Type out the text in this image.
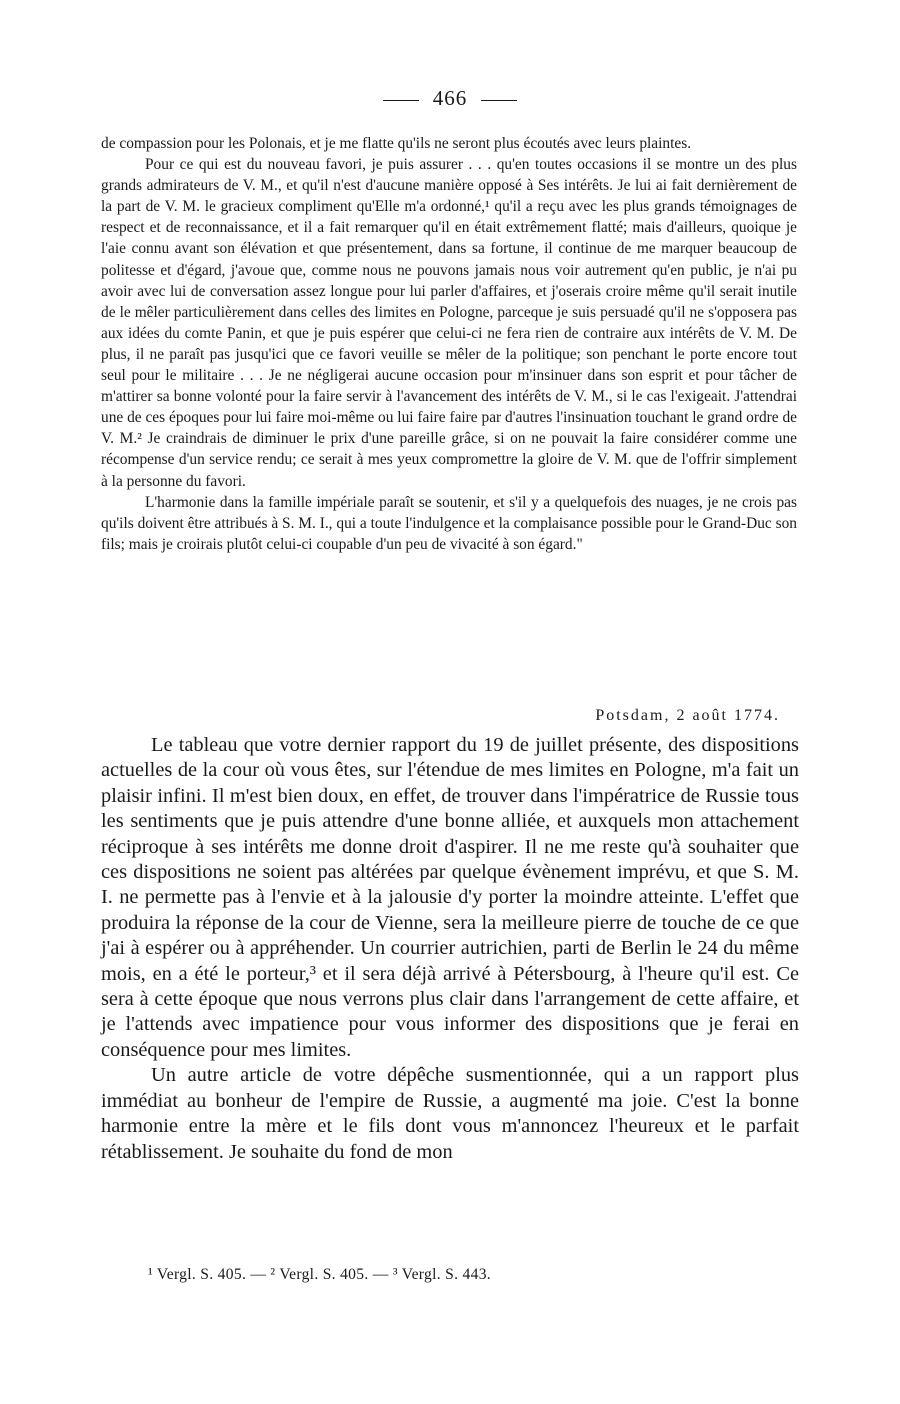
466

de compassion pour les Polonais, et je me flatte qu'ils ne seront plus écoutés avec leurs plaintes.

Pour ce qui est du nouveau favori, je puis assurer . . . qu'en toutes occasions il se montre un des plus grands admirateurs de V. M., et qu'il n'est d'aucune manière opposé à Ses intérêts. Je lui ai fait dernièrement de la part de V. M. le gracieux compliment qu'Elle m'a ordonné,¹ qu'il a reçu avec les plus grands témoignages de respect et de reconnaissance, et il a fait remarquer qu'il en était extrêmement flatté; mais d'ailleurs, quoique je l'aie connu avant son élévation et que présentement, dans sa fortune, il continue de me marquer beaucoup de politesse et d'égard, j'avoue que, comme nous ne pouvons jamais nous voir autrement qu'en public, je n'ai pu avoir avec lui de conversation assez longue pour lui parler d'affaires, et j'oserais croire même qu'il serait inutile de le mêler particulièrement dans celles des limites en Pologne, parceque je suis persuadé qu'il ne s'opposera pas aux idées du comte Panin, et que je puis espérer que celui-ci ne fera rien de contraire aux intérêts de V. M. De plus, il ne paraît pas jusqu'ici que ce favori veuille se mêler de la politique; son penchant le porte encore tout seul pour le militaire . . . Je ne négligerai aucune occasion pour m'insinuer dans son esprit et pour tâcher de m'attirer sa bonne volonté pour la faire servir à l'avancement des intérêts de V. M., si le cas l'exigeait. J'attendrai une de ces époques pour lui faire moi-même ou lui faire faire par d'autres l'insinuation touchant le grand ordre de V. M.² Je craindrais de diminuer le prix d'une pareille grâce, si on ne pouvait la faire considérer comme une récompense d'un service rendu; ce serait à mes yeux compromettre la gloire de V. M. que de l'offrir simplement à la personne du favori.

L'harmonie dans la famille impériale paraît se soutenir, et s'il y a quelquefois des nuages, je ne crois pas qu'ils doivent être attribués à S. M. I., qui a toute l'indulgence et la complaisance possible pour le Grand-Duc son fils; mais je croirais plutôt celui-ci coupable d'un peu de vivacité à son égard."

Potsdam, 2 août 1774.

Le tableau que votre dernier rapport du 19 de juillet présente, des dispositions actuelles de la cour où vous êtes, sur l'étendue de mes limites en Pologne, m'a fait un plaisir infini. Il m'est bien doux, en effet, de trouver dans l'impératrice de Russie tous les sentiments que je puis attendre d'une bonne alliée, et auxquels mon attachement réciproque à ses intérêts me donne droit d'aspirer. Il ne me reste qu'à souhaiter que ces dispositions ne soient pas altérées par quelque évènement imprévu, et que S. M. I. ne permette pas à l'envie et à la jalousie d'y porter la moindre atteinte. L'effet que produira la réponse de la cour de Vienne, sera la meilleure pierre de touche de ce que j'ai à espérer ou à appréhender. Un courrier autrichien, parti de Berlin le 24 du même mois, en a été le porteur,³ et il sera déjà arrivé à Pétersbourg, à l'heure qu'il est. Ce sera à cette époque que nous verrons plus clair dans l'arrangement de cette affaire, et je l'attends avec impatience pour vous informer des dispositions que je ferai en conséquence pour mes limites.

Un autre article de votre dépêche susmentionnée, qui a un rapport plus immédiat au bonheur de l'empire de Russie, a augmenté ma joie. C'est la bonne harmonie entre la mère et le fils dont vous m'annoncez l'heureux et le parfait rétablissement. Je souhaite du fond de mon

¹ Vergl. S. 405. — ² Vergl. S. 405. — ³ Vergl. S. 443.
